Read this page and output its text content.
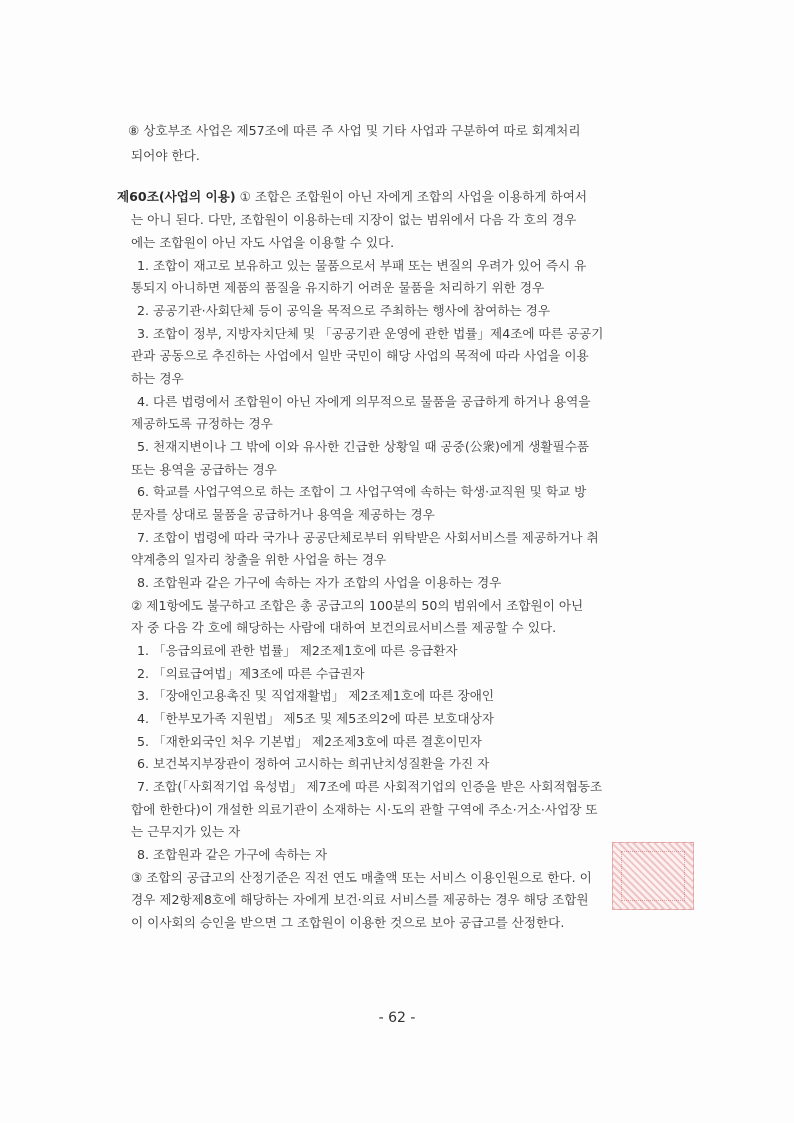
⑧ 상호부조 사업은 제57조에 따른 주 사업 및 기타 사업과 구분하여 따로 회계처리
되어야 한다.
제60조(사업의 이용) ① 조합은 조합원이 아닌 자에게 조합의 사업을 이용하게 하여서
는 아니 된다. 다만, 조합원이 이용하는데 지장이 없는 범위에서 다음 각 호의 경우
에는 조합원이 아닌 자도 사업을 이용할 수 있다.
1. 조합이 재고로 보유하고 있는 물품으로서 부패 또는 변질의 우려가 있어 즉시 유
통되지 아니하면 제품의 품질을 유지하기 어려운 물품을 처리하기 위한 경우
2. 공공기관·사회단체 등이 공익을 목적으로 주최하는 행사에 참여하는 경우
3. 조합이 정부, 지방자치단체 및 「공공기관 운영에 관한 법률」제4조에 따른 공공기
관과 공동으로 추진하는 사업에서 일반 국민이 해당 사업의 목적에 따라 사업을 이용
하는 경우
4. 다른 법령에서 조합원이 아닌 자에게 의무적으로 물품을 공급하게 하거나 용역을
제공하도록 규정하는 경우
5. 천재지변이나 그 밖에 이와 유사한 긴급한 상황일 때 공중(公衆)에게 생활필수품
또는 용역을 공급하는 경우
6. 학교를 사업구역으로 하는 조합이 그 사업구역에 속하는 학생·교직원 및 학교 방
문자를 상대로 물품을 공급하거나 용역을 제공하는 경우
7. 조합이 법령에 따라 국가나 공공단체로부터 위탁받은 사회서비스를 제공하거나 취
약계층의 일자리 창출을 위한 사업을 하는 경우
8. 조합원과 같은 가구에 속하는 자가 조합의 사업을 이용하는 경우
② 제1항에도 불구하고 조합은 총 공급고의 100분의 50의 범위에서 조합원이 아닌
자 중 다음 각 호에 해당하는 사람에 대하여 보건의료서비스를 제공할 수 있다.
1. 「응급의료에 관한 법률」 제2조제1호에 따른 응급환자
2. 「의료급여법」제3조에 따른 수급권자
3. 「장애인고용촉진 및 직업재활법」 제2조제1호에 따른 장애인
4. 「한부모가족 지원법」 제5조 및 제5조의2에 따른 보호대상자
5. 「재한외국인 처우 기본법」 제2조제3호에 따른 결혼이민자
6. 보건복지부장관이 정하여 고시하는 희귀난치성질환을 가진 자
7. 조합(「사회적기업 육성법」 제7조에 따른 사회적기업의 인증을 받은 사회적협동조
합에 한한다)이 개설한 의료기관이 소재하는 시·도의 관할 구역에 주소·거소·사업장 또
는 근무지가 있는 자
8. 조합원과 같은 가구에 속하는 자
③ 조합의 공급고의 산정기준은 직전 연도 매출액 또는 서비스 이용인원으로 한다. 이
경우 제2항제8호에 해당하는 자에게 보건·의료 서비스를 제공하는 경우 해당 조합원
이 이사회의 승인을 받으면 그 조합원이 이용한 것으로 보아 공급고를 산정한다.
- 62 -
